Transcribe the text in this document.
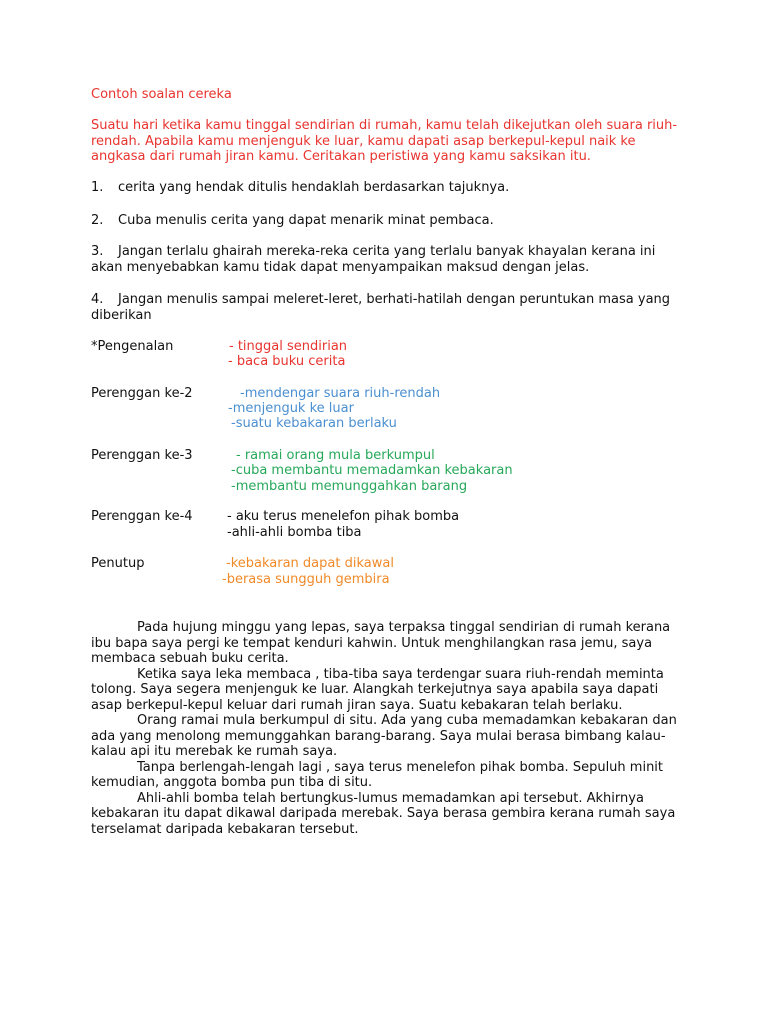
Contoh soalan cereka
Suatu hari ketika kamu tinggal sendirian di rumah, kamu telah dikejutkan oleh suara riuh-rendah. Apabila kamu menjenguk ke luar, kamu dapati asap berkepul-kepul naik ke angkasa dari rumah jiran kamu. Ceritakan peristiwa yang kamu saksikan itu.
1. cerita yang hendak ditulis hendaklah berdasarkan tajuknya.
2. Cuba menulis cerita yang dapat menarik minat pembaca.
3. Jangan terlalu ghairah mereka-reka cerita yang terlalu banyak khayalan kerana ini akan menyebabkan kamu tidak dapat menyampaikan maksud dengan jelas.
4. Jangan menulis sampai meleret-leret, berhati-hatilah dengan peruntukan masa yang diberikan
*Pengenalan	- tinggal sendirian
- baca buku cerita
Perenggan ke-2	-mendengar suara riuh-rendah
-menjenguk ke luar
-suatu kebakaran berlaku
Perenggan ke-3	- ramai orang mula berkumpul
-cuba membantu memadamkan kebakaran
-membantu memunggahkan barang
Perenggan ke-4	- aku terus menelefon pihak bomba
-ahli-ahli bomba tiba
Penutup	-kebakaran dapat dikawal
-berasa sungguh gembira

Pada hujung minggu yang lepas, saya terpaksa tinggal sendirian di rumah kerana ibu bapa saya pergi ke tempat kenduri kahwin. Untuk menghilangkan rasa jemu, saya membaca sebuah buku cerita.

Ketika saya leka membaca , tiba-tiba saya terdengar suara riuh-rendah meminta tolong. Saya segera menjenguk ke luar. Alangkah terkejutnya saya apabila saya dapati asap berkepul-kepul keluar dari rumah jiran saya. Suatu kebakaran telah berlaku.

Orang ramai mula berkumpul di situ. Ada yang cuba memadamkan kebakaran dan ada yang menolong memunggahkan barang-barang. Saya mulai berasa bimbang kalau-kalau api itu merebak ke rumah saya.

Tanpa berlengah-lengah lagi , saya terus menelefon pihak bomba. Sepuluh minit kemudian, anggota bomba pun tiba di situ.

Ahli-ahli bomba telah bertungkus-lumus memadamkan api tersebut. Akhirnya kebakaran itu dapat dikawal daripada merebak. Saya berasa gembira kerana rumah saya terselamat daripada kebakaran tersebut.
